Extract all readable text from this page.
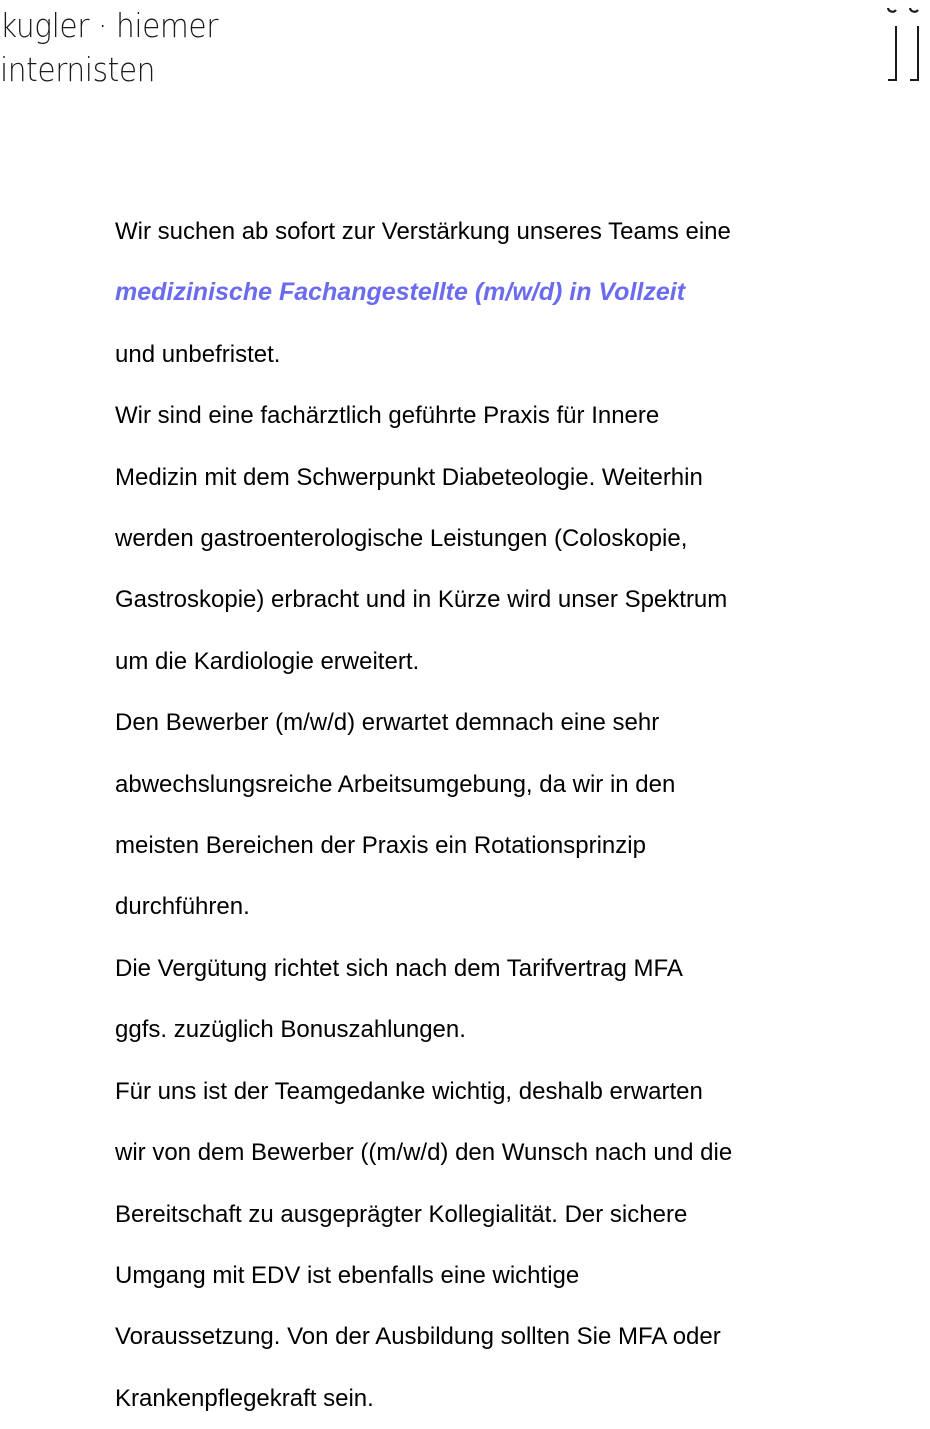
kugler · hiemer
internisten
Wir suchen ab sofort zur Verstärkung unseres Teams eine
medizinische Fachangestellte (m/w/d) in Vollzeit
und unbefristet.
Wir sind eine fachärztlich geführte Praxis für Innere
Medizin mit dem Schwerpunkt Diabeteologie. Weiterhin
werden gastroenterologische Leistungen (Coloskopie,
Gastroskopie) erbracht und in Kürze wird unser Spektrum
um die Kardiologie erweitert.
Den Bewerber (m/w/d) erwartet demnach eine sehr
abwechslungsreiche Arbeitsumgebung, da wir in den
meisten Bereichen der Praxis ein Rotationsprinzip
durchführen.
Die Vergütung richtet sich nach dem Tarifvertrag MFA
ggfs. zuzüglich Bonuszahlungen.
Für uns ist der Teamgedanke wichtig, deshalb erwarten
wir von dem Bewerber ((m/w/d) den Wunsch nach und die
Bereitschaft zu ausgeprägter Kollegialität. Der sichere
Umgang mit EDV ist ebenfalls eine wichtige
Voraussetzung. Von der Ausbildung sollten Sie MFA oder
Krankenpflegekraft sein.
